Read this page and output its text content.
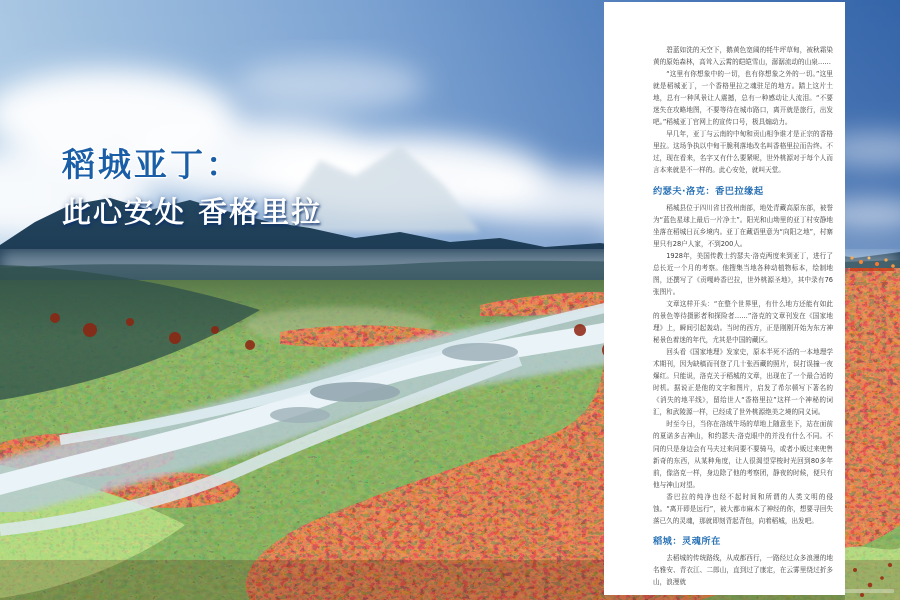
稻城亚丁：
此心安处 香格里拉

碧蓝如洗的天空下，鹅黄色宽阔的牦牛坪草甸，被秋霜染黄的原始森林，高耸入云霄的皑皑雪山，潺潺流动的山泉……

“这里有你想象中的一切，也有你想象之外的一切。”这里就是稻城亚丁，一个香格里拉之魂驻足的地方。踏上这片土地，总有一种风景让人震撼，总有一种感动让人流泪。“不要迷失在攻略地图，不要等待在城市路口，离开就是旅行，出发吧。”稻城亚丁官网上的宣传口号，极具煽动力。

早几年，亚丁与云南的中甸和贡山相争谁才是正宗的香格里拉。这场争执以中甸干脆利落地改名叫香格里拉而告终。不过，现在看来，名字又有什么要紧呢，世外桃源对于每个人而言本来就是不一样的。此心安处，就叫天堂。

约瑟夫·洛克：香巴拉缘起

稻城县位于四川省甘孜州南部，地处青藏高原东部，被誉为“蓝色星球上最后一片净土”。阳光和山坳里的亚丁村安静地坐落在稻城日瓦乡境内。亚丁在藏语里意为“向阳之地”，村寨里只有28户人家，不到200人。

1928年，美国传教士约瑟夫·洛克两度来到亚丁，进行了总长近一个月的考察。他搜集当地各种动植物标本，绘制地图，还撰写了《贡嘎岭香巴拉，世外桃源圣地》，其中录有76张图片。

文章这样开头：“在整个世界里，有什么地方还能有如此的景色等待摄影者和探险者……”洛克的文章刊发在《国家地理》上，瞬间引起轰动。当时的西方，正是刚刚开始为东方神秘景色着迷的年代，尤其是中国的藏区。

回头看《国家地理》发家史，原本半死不活的一本地理学术期刊，因为缺稿而刊登了几十张西藏的照片，误打误撞一夜爆红。只能说，洛克关于稻城的文章，出现在了一个最合适的时机。据说正是他的文字和图片，启发了希尔顿写下著名的《消失的地平线》，留给世人“香格里拉”这样一个神秘的词汇，和武陵源一样，已经成了世外桃源绝美之境的同义词。

时至今日，当你在洛绒牛场的草地上随意坐下，站在面前的夏诺多吉神山，和约瑟夫·洛克眼中的并没有什么不同。不同的只是身边会有马夫过来问要不要骑马，或者小贩过来兜售新奇的东西，从某种角度，让人很渴望穿梭时光回到80多年前，像洛克一样，身边除了他的考察团，静夜的时候，便只有他与神山对望。

香巴拉的纯净也经不起时间和所谓的人类文明的侵蚀。“离开即是远行”，被大都市麻木了神经的你，想要寻回失落已久的灵魂，那就即刻背起背包，向着稻城，出发吧。

稻城：灵魂所在

去稻城的传统路线，从成都西行，一路经过众多浪漫的地名雅安、青衣江、二郎山，直到过了康定，在云雾里绕过折多山，浪漫就
